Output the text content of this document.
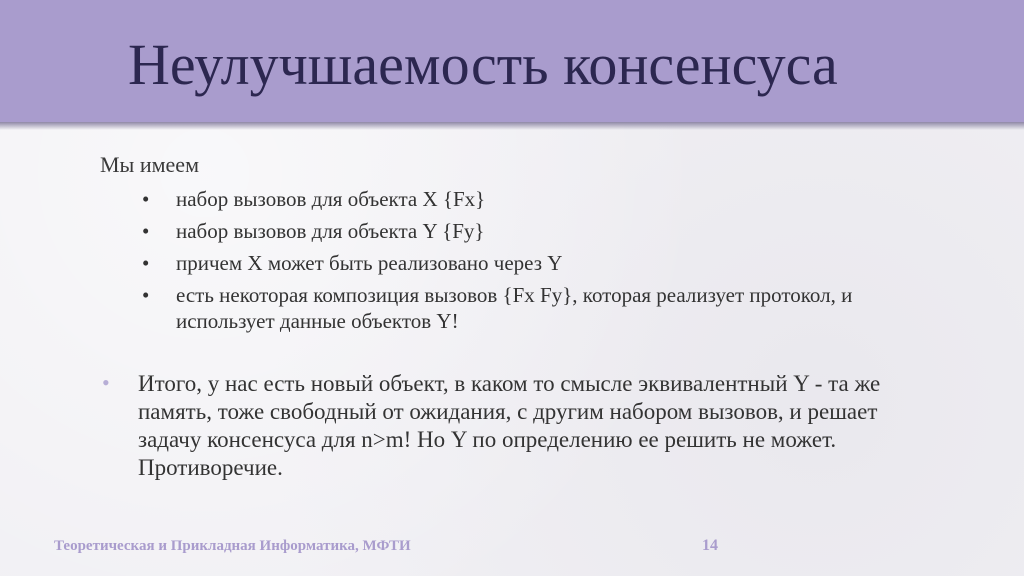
Неулучшаемость консенсуса
Мы имеем
• набор вызовов для объекта X {Fx}
• набор вызовов для объекта Y {Fy}
• причем X может быть реализовано через Y
• есть некоторая композиция вызовов {Fx Fy}, которая реализует протокол, и использует данные объектов Y!
• Итого, у нас есть новый объект, в каком то смысле эквивалентный Y - та же память, тоже свободный от ожидания, с другим набором вызовов, и решает задачу консенсуса для n>m! Но Y по определению ее решить не может. Противоречие.
Теоретическая и Прикладная Информатика, МФТИ	14
